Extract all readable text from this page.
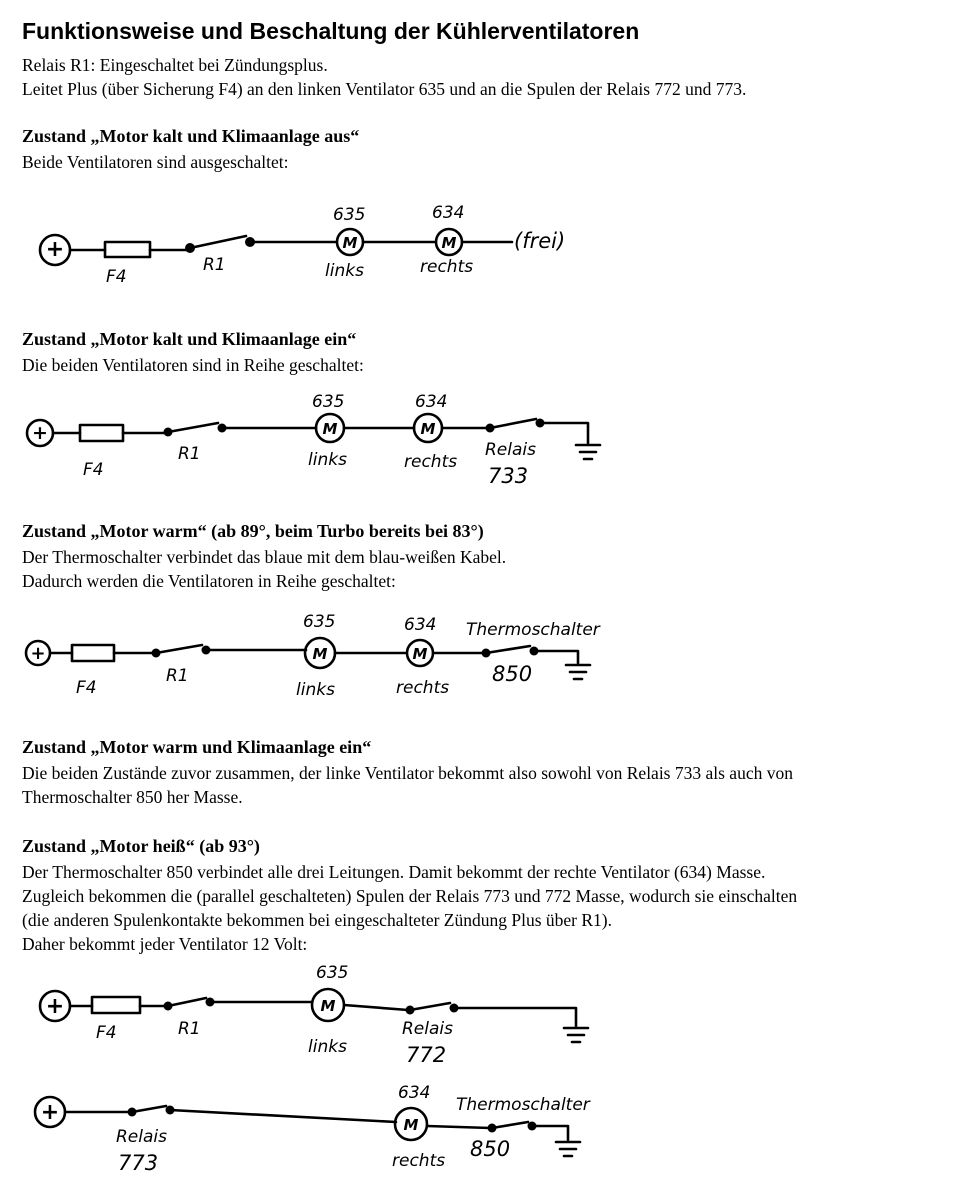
Funktionsweise und Beschaltung der Kühlerventilatoren
Relais R1: Eingeschaltet bei Zündungsplus.
Leitet Plus (über Sicherung F4) an den linken Ventilator 635 und an die Spulen der Relais 772 und 773.
Zustand „Motor kalt und Klimaanlage aus“
Beide Ventilatoren sind ausgeschaltet:
+
F4
R1
M
635
links
M
634
rechts
(frei)
Zustand „Motor kalt und Klimaanlage ein“
Die beiden Ventilatoren sind in Reihe geschaltet:
+
F4
R1
M
635
links
M
634
rechts
Relais
733
Zustand „Motor warm“ (ab 89°, beim Turbo bereits bei 83°)
Der Thermoschalter verbindet das blaue mit dem blau-weißen Kabel.
Dadurch werden die Ventilatoren in Reihe geschaltet:
+
F4
R1
M
635
links
M
634
rechts
Thermoschalter
850
Zustand „Motor warm und Klimaanlage ein“
Die beiden Zustände zuvor zusammen, der linke Ventilator bekommt also sowohl von Relais 733 als auch von
Thermoschalter 850 her Masse.
Zustand „Motor heiß“ (ab 93°)
Der Thermoschalter 850 verbindet alle drei Leitungen. Damit bekommt der rechte Ventilator (634) Masse.
Zugleich bekommen die (parallel geschalteten) Spulen der Relais 773 und 772 Masse, wodurch sie einschalten
(die anderen Spulenkontakte bekommen bei eingeschalteter Zündung Plus über R1).
Daher bekommt jeder Ventilator 12 Volt:
+
F4	R1
M
635
links
Relais
772
+
Relais
773
M
634
rechts
Thermoschalter
850
